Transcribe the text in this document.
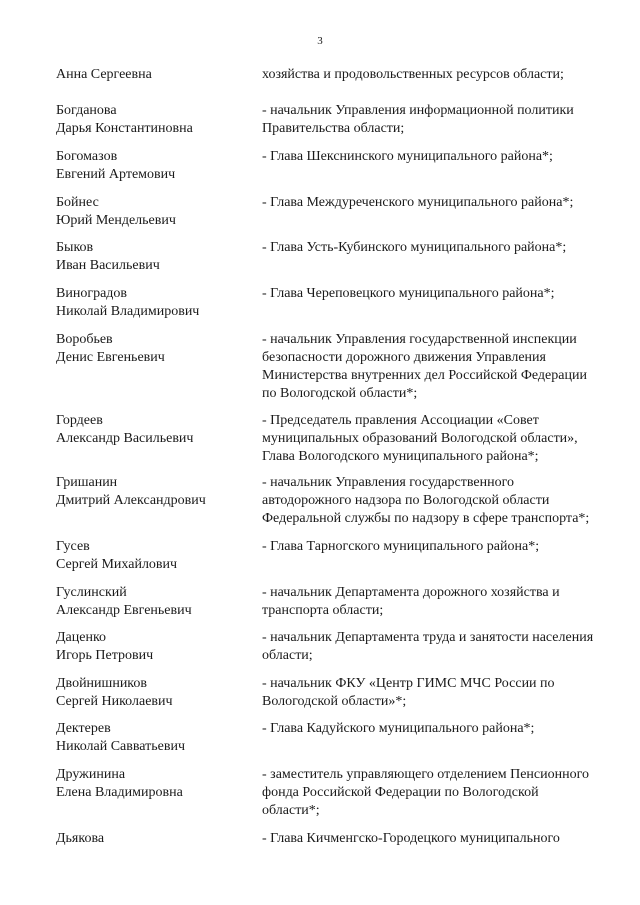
3
Анна Сергеевна	хозяйства и продовольственных ресурсов области;
Богданова
Дарья Константиновна
- начальник Управления информационной политики
Правительства области;
Богомазов
Евгений Артемович
- Глава Шекснинского муниципального района*;
Бойнес
Юрий Мендельевич
- Глава Междуреченского муниципального района*;
Быков
Иван Васильевич
- Глава Усть-Кубинского муниципального района*;
Виноградов
Николай Владимирович
- Глава Череповецкого муниципального района*;
Воробьев
Денис Евгеньевич
- начальник Управления государственной инспекции
безопасности дорожного движения Управления
Министерства внутренних дел Российской Федерации
по Вологодской области*;
Гордеев
Александр Васильевич
- Председатель правления Ассоциации «Совет
муниципальных образований Вологодской области»,
Глава Вологодского муниципального района*;
Гришанин
Дмитрий Александрович
- начальник Управления государственного
автодорожного надзора по Вологодской области
Федеральной службы по надзору в сфере транспорта*;
Гусев
Сергей Михайлович
- Глава Тарногского муниципального района*;
Гуслинский
Александр Евгеньевич
- начальник Департамента дорожного хозяйства и
транспорта области;
Даценко
Игорь Петрович
- начальник Департамента труда и занятости населения
области;
Двойнишников
Сергей Николаевич
- начальник ФКУ «Центр ГИМС МЧС России по
Вологодской области»*;
Дектерев
Николай Савватьевич
- Глава Кадуйского муниципального района*;
Дружинина
Елена Владимировна
- заместитель управляющего отделением Пенсионного
фонда Российской Федерации по Вологодской
области*;
Дьякова	- Глава Кичменгско-Городецкого муниципального
